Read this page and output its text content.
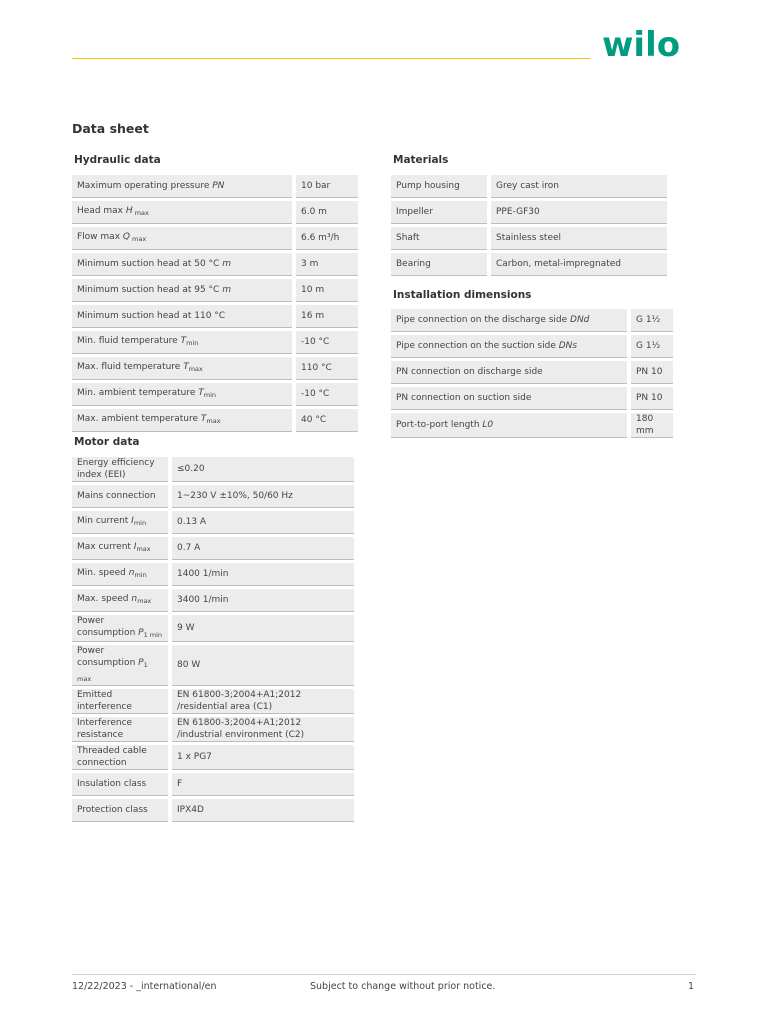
wilo
Data sheet
Hydraulic data
Maximum operating pressure PN		10 bar
Head max H $_{max}$		6.0 m
Flow max Q $_{max}$		6.6 m³/h
Minimum suction head at 50 °C m		3 m
Minimum suction head at 95 °C m		10 m
Minimum suction head at 110 °C		16 m
Min. fluid temperature $T_{min}$		-10 °C
Max. fluid temperature $T_{max}$		110 °C
Min. ambient temperature $T_{min}$		-10 °C
Max. ambient temperature $T_{max}$		40 °C
Motor data
Energy efficiency index (EEI)		≤0.20
Mains connection		1~230 V ±10%, 50/60 Hz
Min current $I_{min}$		0.13 A
Max current $I_{max}$		0.7 A
Min. speed $n_{min}$		1400 1/min
Max. speed $n_{max}$		3400 1/min
Power consumption $P_{1 min}$		9 W
Power consumption $P_{1 max}$		80 W
Emitted interference		EN 61800-3;2004+A1;2012 /residential area (C1)
Interference resistance		EN 61800-3;2004+A1;2012 /industrial environment (C2)
Threaded cable connection		1 x PG7
Insulation class		F
Protection class		IPX4D
Materials
Pump housing		Grey cast iron
Impeller		PPE-GF30
Shaft		Stainless steel
Bearing		Carbon, metal-impregnated
Installation dimensions
Pipe connection on the discharge side DNd		G 1½
Pipe connection on the suction side DNs		G 1½
PN connection on discharge side		PN 10
PN connection on suction side		PN 10
Port-to-port length L0		180 mm
12/22/2023 - _international/en	Subject to change without prior notice.	1
